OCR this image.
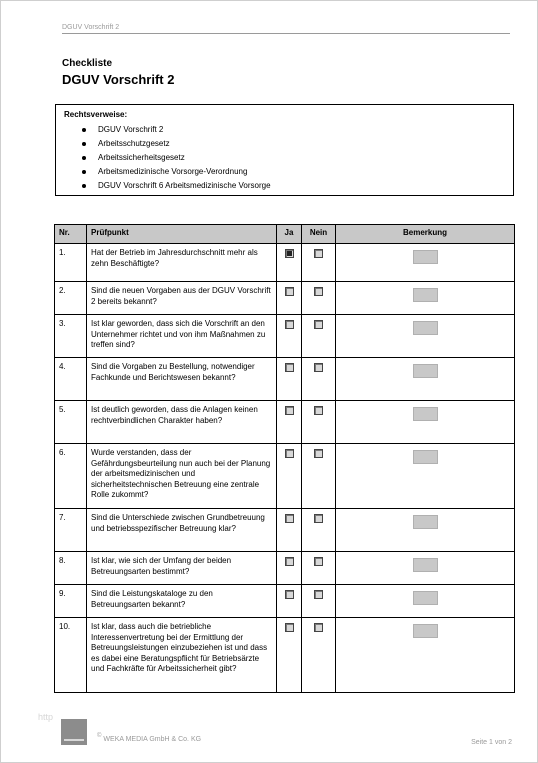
DGUV Vorschrift 2
Checkliste
DGUV Vorschrift 2
Rechtsverweise:
DGUV Vorschrift 2
Arbeitsschutzgesetz
Arbeitssicherheitsgesetz
Arbeitsmedizinische Vorsorge-Verordnung
DGUV Vorschrift 6 Arbeitsmedizinische Vorsorge
Nr.	Prüfpunkt	Ja	Nein	Bemerkung
1.	Hat der Betrieb im Jahresdurchschnitt mehr als zehn Beschäftigte?			
2.	Sind die neuen Vorgaben aus der DGUV Vorschrift 2 bereits bekannt?			
3.	Ist klar geworden, dass sich die Vorschrift an den Unternehmer richtet und von ihm Maßnahmen zu treffen sind?			
4.	Sind die Vorgaben zu Bestellung, notwendiger Fachkunde und Berichtswesen bekannt?			
5.	Ist deutlich geworden, dass die Anlagen keinen rechtverbindlichen Charakter haben?			
6.	Wurde verstanden, dass der Gefährdungsbeurteilung nun auch bei der Planung der arbeitsmedizinischen und sicherheitstechnischen Betreuung eine zentrale Rolle zukommt?			
7.	Sind die Unterschiede zwischen Grundbetreuung und betriebsspezifischer Betreuung klar?			
8.	Ist klar, wie sich der Umfang der beiden Betreuungsarten bestimmt?			
9.	Sind die Leistungskataloge zu den Betreuungsarten bekannt?			
10.	Ist klar, dass auch die betriebliche Interessenvertretung bei der Ermittlung der Betreuungsleistungen einzubeziehen ist und dass es dabei eine Beratungspflicht für Betriebsärzte und Fachkräfte für Arbeitssicherheit gibt?			
http
© WEKA MEDIA GmbH & Co. KG	Seite 1 von 2
